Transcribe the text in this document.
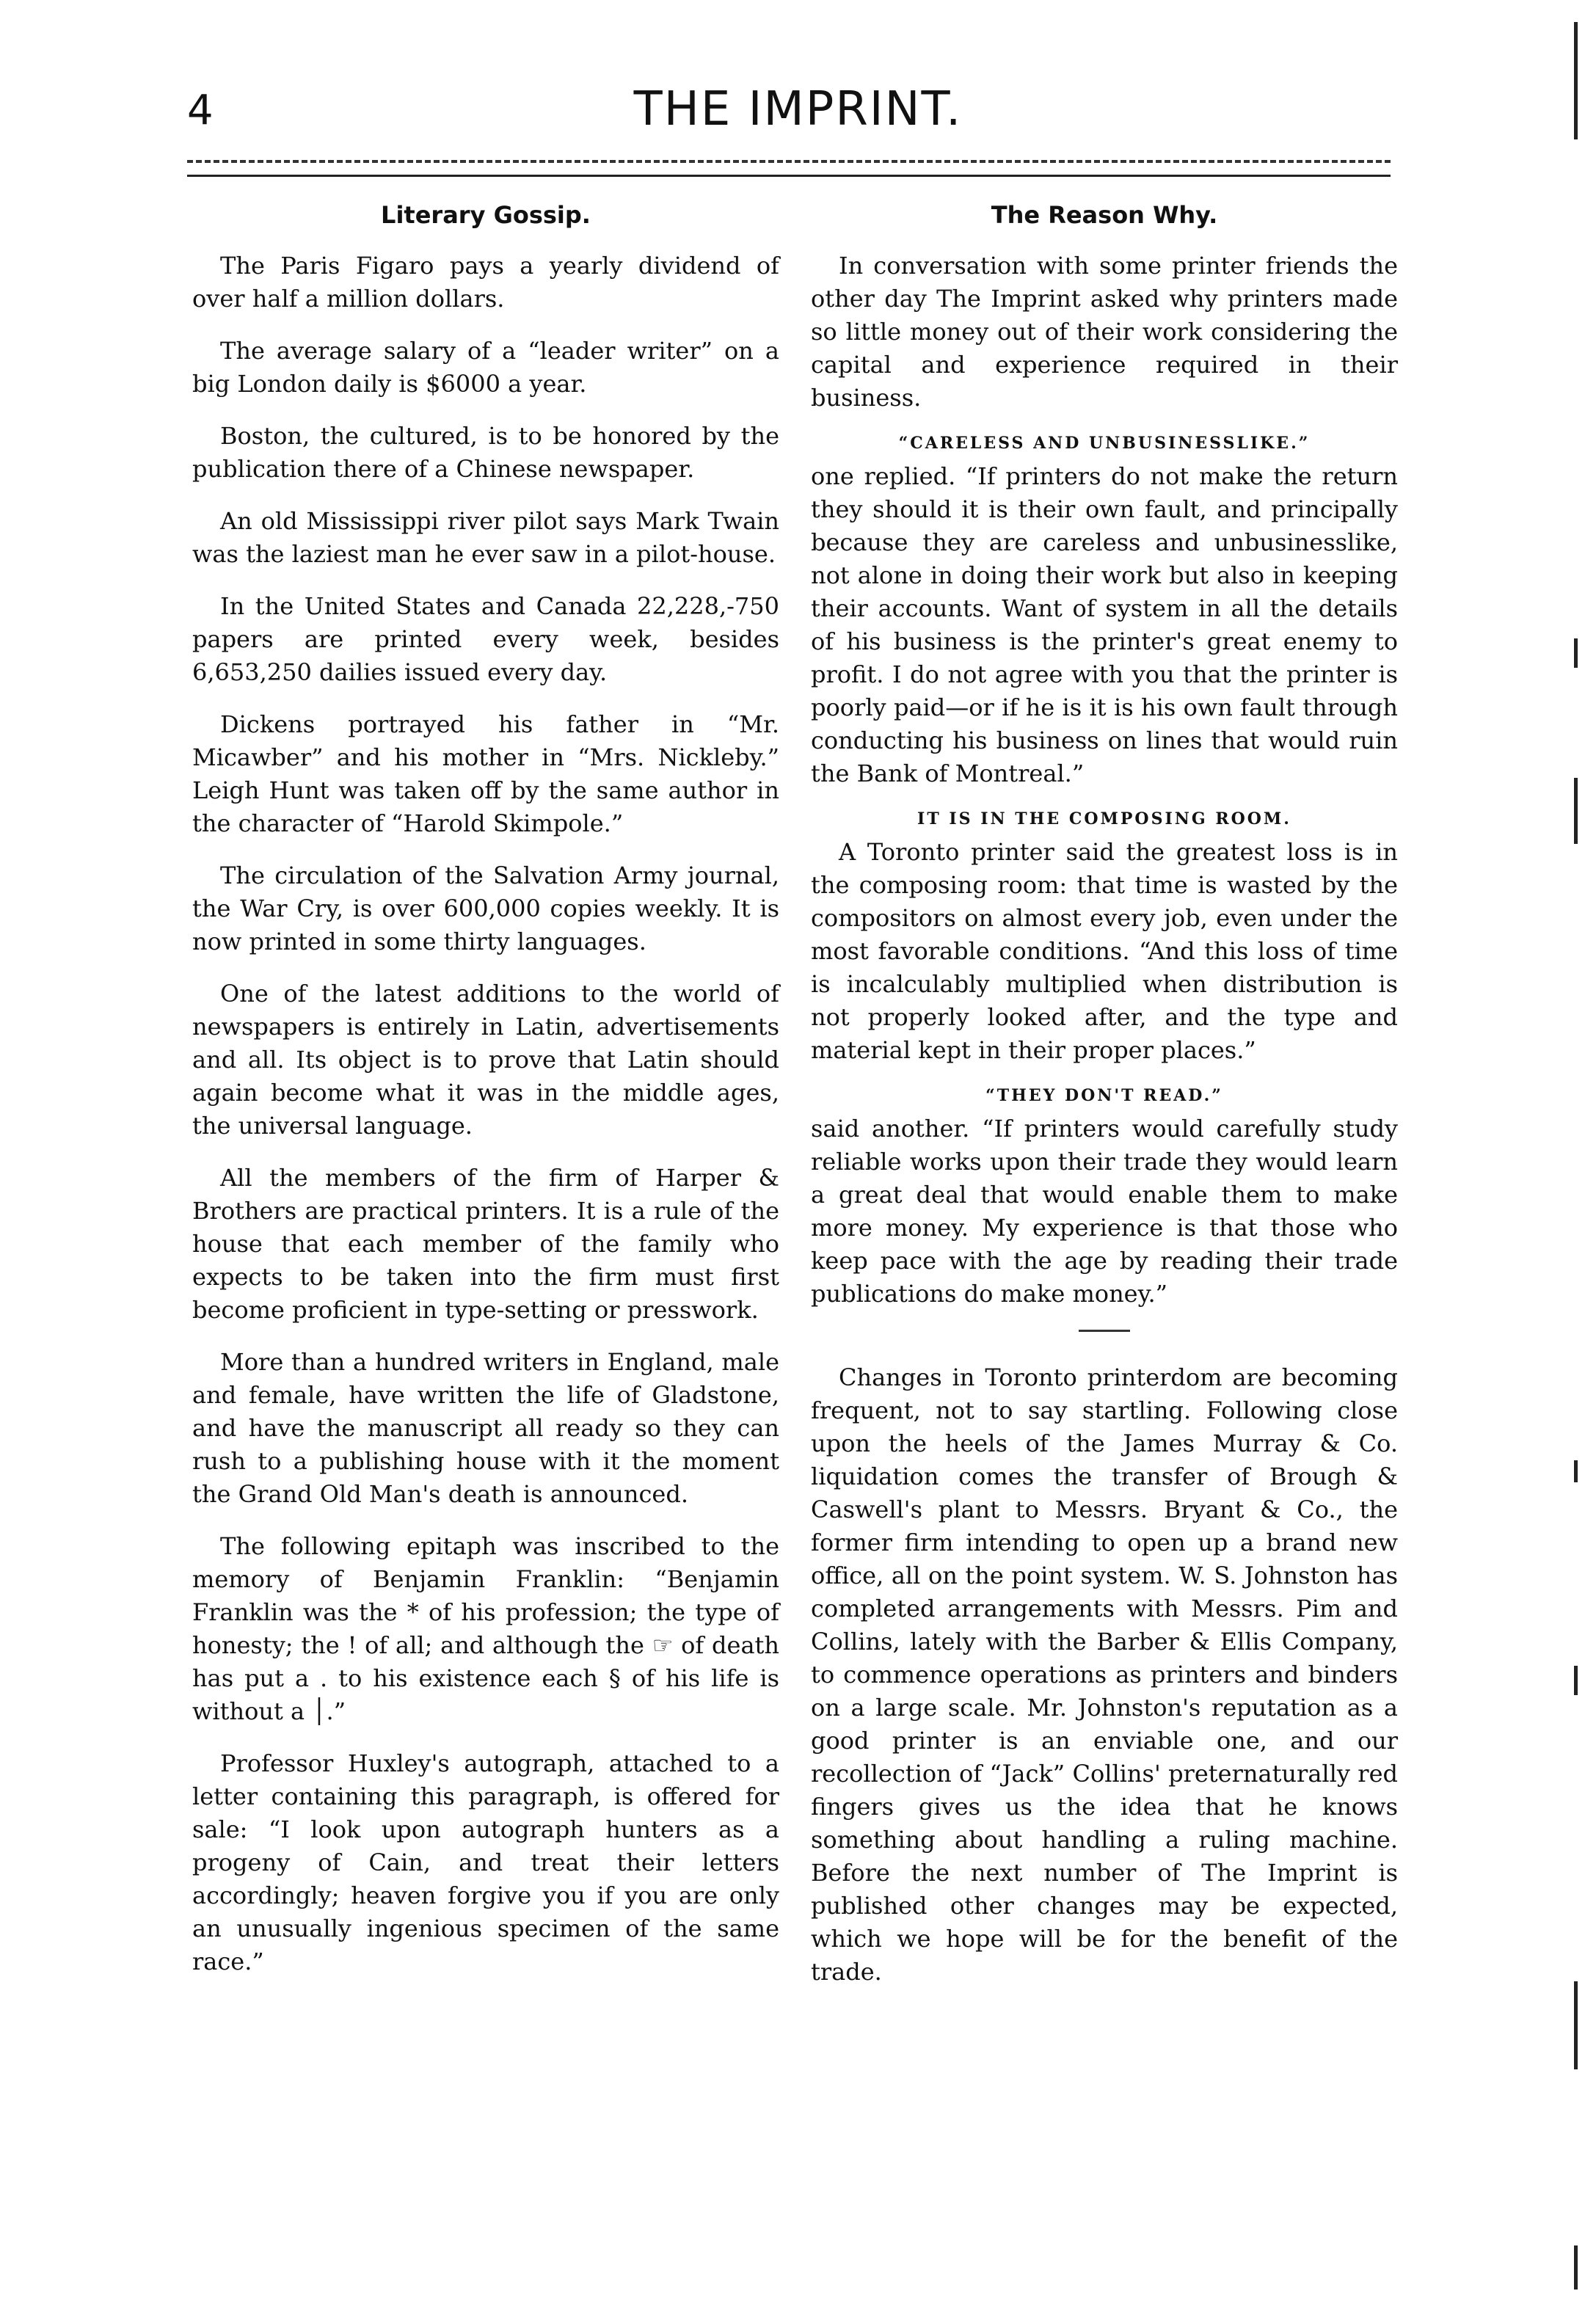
4	THE IMPRINT.
Literary Gossip.

The Paris Figaro pays a yearly dividend of over half a million dollars.

The average salary of a “leader writer” on a big London daily is $6000 a year.

Boston, the cultured, is to be honored by the publication there of a Chinese newspaper.

An old Mississippi river pilot says Mark Twain was the laziest man he ever saw in a pilot-house.

In the United States and Canada 22,228,-750 papers are printed every week, besides 6,653,250 dailies issued every day.

Dickens portrayed his father in “Mr. Micawber” and his mother in “Mrs. Nickleby.” Leigh Hunt was taken off by the same author in the character of “Harold Skimpole.”

The circulation of the Salvation Army journal, the War Cry, is over 600,000 copies weekly. It is now printed in some thirty languages.

One of the latest additions to the world of newspapers is entirely in Latin, advertisements and all. Its object is to prove that Latin should again become what it was in the middle ages, the universal language.

All the members of the firm of Harper & Brothers are practical printers. It is a rule of the house that each member of the family who expects to be taken into the firm must first become proficient in type-setting or presswork.

More than a hundred writers in England, male and female, have written the life of Gladstone, and have the manuscript all ready so they can rush to a publishing house with it the moment the Grand Old Man's death is announced.

The following epitaph was inscribed to the memory of Benjamin Franklin: “Benjamin Franklin was the * of his profession; the type of honesty; the ! of all; and although the ☞ of death has put a . to his existence each § of his life is without a │.”

Professor Huxley's autograph, attached to a letter containing this paragraph, is offered for sale: “I look upon autograph hunters as a progeny of Cain, and treat their letters accordingly; heaven forgive you if you are only an unusually ingenious specimen of the same race.”

The Reason Why.

In conversation with some printer friends the other day The Imprint asked why printers made so little money out of their work considering the capital and experience required in their business.

“CARELESS AND UNBUSINESSLIKE.”

one replied. “If printers do not make the return they should it is their own fault, and principally because they are careless and unbusinesslike, not alone in doing their work but also in keeping their accounts. Want of system in all the details of his business is the printer's great enemy to profit. I do not agree with you that the printer is poorly paid—or if he is it is his own fault through conducting his business on lines that would ruin the Bank of Montreal.”

IT IS IN THE COMPOSING ROOM.

A Toronto printer said the greatest loss is in the composing room: that time is wasted by the compositors on almost every job, even under the most favorable conditions. “And this loss of time is incalculably multiplied when distribution is not properly looked after, and the type and material kept in their proper places.”

“THEY DON'T READ.”

said another. “If printers would carefully study reliable works upon their trade they would learn a great deal that would enable them to make more money. My experience is that those who keep pace with the age by reading their trade publications do make money.”

Changes in Toronto printerdom are becoming frequent, not to say startling. Following close upon the heels of the James Murray & Co. liquidation comes the transfer of Brough & Caswell's plant to Messrs. Bryant & Co., the former firm intending to open up a brand new office, all on the point system. W. S. Johnston has completed arrangements with Messrs. Pim and Collins, lately with the Barber & Ellis Company, to commence operations as printers and binders on a large scale. Mr. Johnston's reputation as a good printer is an enviable one, and our recollection of “Jack” Collins' preternaturally red fingers gives us the idea that he knows something about handling a ruling machine. Before the next number of The Imprint is published other changes may be expected, which we hope will be for the benefit of the trade.
